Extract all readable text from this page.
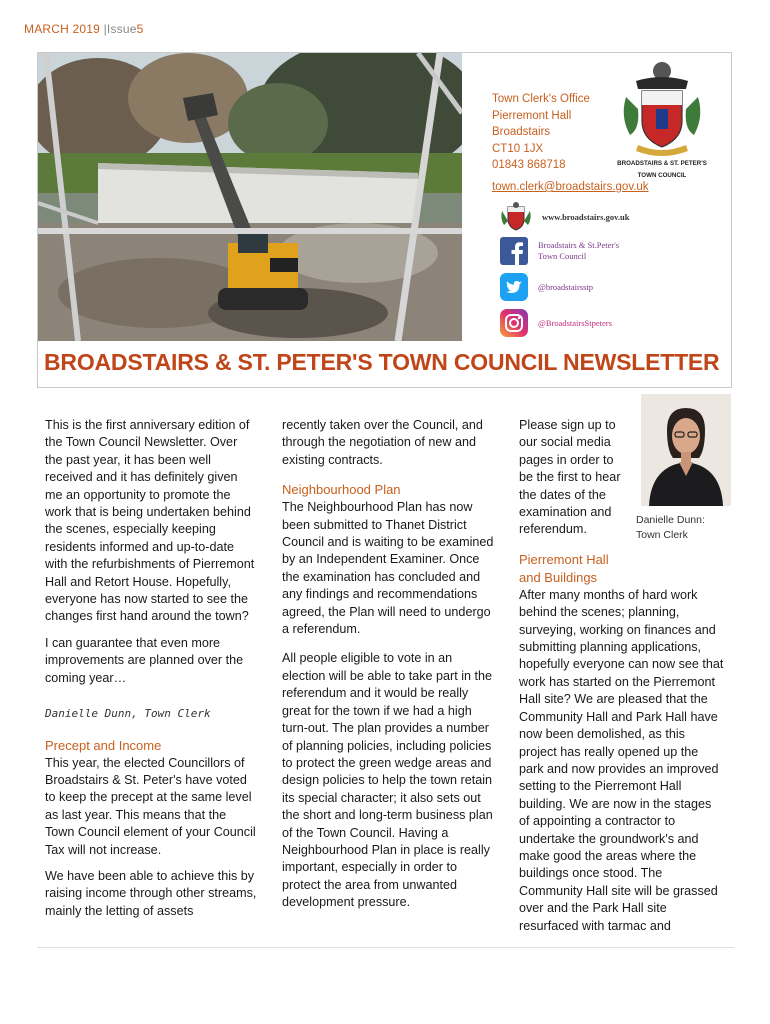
MARCH 2019 |Issue5
Town Clerk's Office
Pierremont Hall
Broadstairs
CT10 1JX
01843 868718	BROADSTAIRS & ST. PETER'S
TOWN COUNCIL
town.clerk@broadstairs.gov.uk
www.broadstairs.gov.uk
Broadstairs & St.Peter's
Town Council
@broadstairsstp
@BroadstairsStpeters
BROADSTAIRS & ST. PETER'S TOWN COUNCIL NEWSLETTER

This is the first anniversary edition of the Town Council Newsletter. Over the past year, it has been well received and it has definitely given me an opportunity to promote the work that is being undertaken behind the scenes, especially keeping residents informed and up-to-date with the refurbishments of Pierremont Hall and Retort House. Hopefully, everyone has now started to see the changes first hand around the town?

I can guarantee that even more improvements are planned over the coming year…

Danielle Dunn, Town Clerk

Precept and Income

This year, the elected Councillors of Broadstairs & St. Peter's have voted to keep the precept at the same level as last year. This means that the Town Council element of your Council Tax will not increase.

We have been able to achieve this by raising income through other streams, mainly the letting of assets

recently taken over the Council, and through the negotiation of new and existing contracts.

Neighbourhood Plan

The Neighbourhood Plan has now been submitted to Thanet District Council and is waiting to be examined by an Independent Examiner. Once the examination has concluded and any findings and recommendations agreed, the Plan will need to undergo a referendum.

All people eligible to vote in an election will be able to take part in the referendum and it would be really great for the town if we had a high turn-out. The plan provides a number of planning policies, including policies to protect the green wedge areas and design policies to help the town retain its special character; it also sets out the short and long-term business plan of the Town Council. Having a Neighbourhood Plan in place is really important, especially in order to protect the area from unwanted development pressure.

Please sign up to our social media pages in order to be the first to hear the dates of the examination and referendum.

Pierremont Hall and Buildings

After many months of hard work behind the scenes; planning, surveying, working on finances and submitting planning applications, hopefully everyone can now see that work has started on the Pierremont Hall site? We are pleased that the Community Hall and Park Hall have now been demolished, as this project has really opened up the park and now provides an improved setting to the Pierremont Hall building. We are now in the stages of appointing a contractor to undertake the groundwork's and make good the areas where the buildings once stood. The Community Hall site will be grassed over and the Park Hall site resurfaced with tarmac and

Danielle Dunn:
Town Clerk
